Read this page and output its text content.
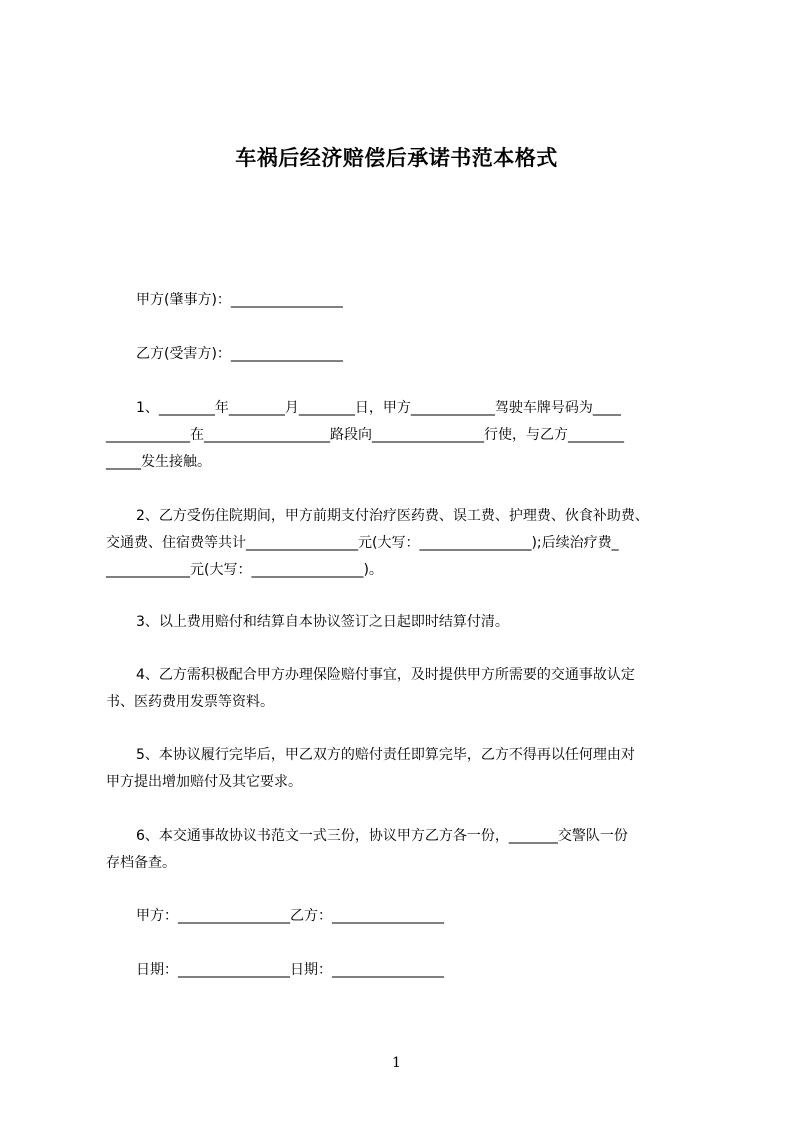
车祸后经济赔偿后承诺书范本格式
甲方(肇事方)：________________
乙方(受害方)：________________
1、________年________月________日，甲方____________驾驶车牌号码为____
____________在__________________路段向________________行使，与乙方________
_____发生接触。
2、乙方受伤住院期间，甲方前期支付治疗医药费、误工费、护理费、伙食补助费、
交通费、住宿费等共计________________元(大写：________________);后续治疗费_
____________元(大写：________________)。
3、以上费用赔付和结算自本协议签订之日起即时结算付清。
4、乙方需积极配合甲方办理保险赔付事宜，及时提供甲方所需要的交通事故认定
书、医药费用发票等资料。
5、本协议履行完毕后，甲乙双方的赔付责任即算完毕，乙方不得再以任何理由对
甲方提出增加赔付及其它要求。
6、本交通事故协议书范文一式三份，协议甲方乙方各一份，_______交警队一份
存档备查。
甲方：________________乙方：________________
日期：________________日期：________________
1
